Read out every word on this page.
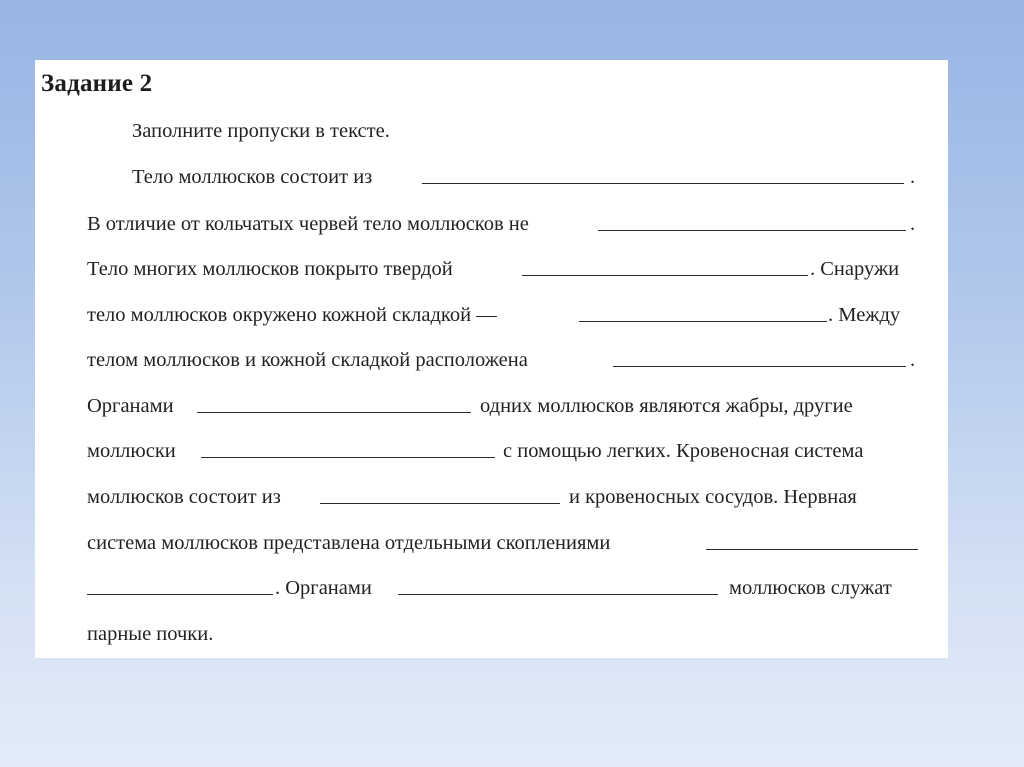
Задание 2
Заполните пропуски в тексте.
Тело моллюсков состоит из	.
В отличие от кольчатых червей тело моллюсков не	.
Тело многих моллюсков покрыто твердой	. Снаружи
тело моллюсков окружено кожной складкой —	. Между
телом моллюсков и кожной складкой расположена	.
Органами	одних моллюсков являются жабры, другие
моллюски	с помощью легких. Кровеносная система
моллюсков состоит из	и кровеносных сосудов. Нервная
система моллюсков представлена отдельными скоплениями
. Органами	моллюсков служат
парные почки.
